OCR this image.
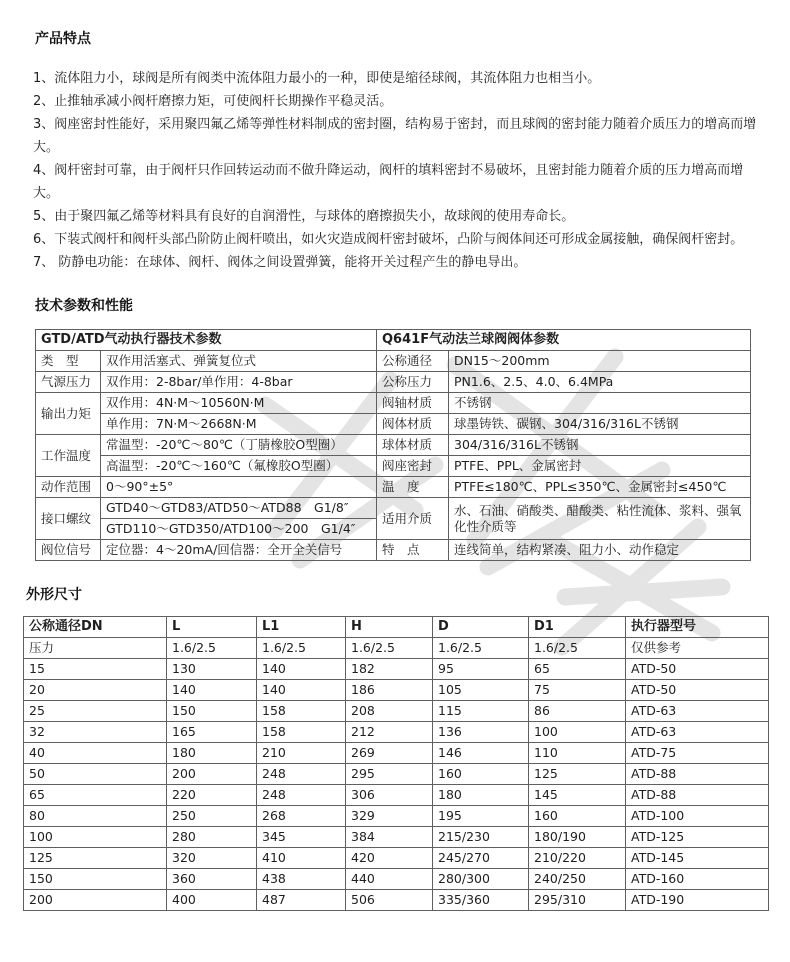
产品特点

1、流体阻力小，球阀是所有阀类中流体阻力最小的一种，即使是缩径球阀，其流体阻力也相当小。

2、止推轴承减小阀杆磨擦力矩，可使阀杆长期操作平稳灵活。

3、阀座密封性能好，采用聚四氟乙烯等弹性材料制成的密封圈，结构易于密封，而且球阀的密封能力随着介质压力的增高而增大。

4、阀杆密封可靠，由于阀杆只作回转运动而不做升降运动，阀杆的填料密封不易破坏，且密封能力随着介质的压力增高而增大。

5、由于聚四氟乙烯等材料具有良好的自润滑性，与球体的磨擦损失小，故球阀的使用寿命长。

6、下装式阀杆和阀杆头部凸阶防止阀杆喷出，如火灾造成阀杆密封破坏，凸阶与阀体间还可形成金属接触，确保阀杆密封。

7、 防静电功能：在球体、阀杆、阀体之间设置弹簧，能将开关过程产生的静电导出。

技术参数和性能
GTD/ATD气动执行器技术参数		Q641F气动法兰球阀阀体参数	
类　型	双作用活塞式、弹簧复位式	公称通径	DN15～200mm
气源压力	双作用：2-8bar/单作用：4-8bar	公称压力	PN1.6、2.5、4.0、6.4MPa
输出力矩	双作用：4N·M～10560N·M	阀轴材质	不锈钢
	单作用：7N·M～2668N·M	阀体材质	球墨铸铁、碳钢、304/316/316L不锈钢
工作温度	常温型：-20℃～80℃（丁腈橡胶O型圈）	球体材质	304/316/316L不锈钢
	高温型：-20℃～160℃（氟橡胶O型圈）	阀座密封	PTFE、PPL、金属密封
动作范围	0～90°±5°	温　度	PTFE≤180℃、PPL≤350℃、金属密封≤450℃
接口螺纹	GTD40～GTD83/ATD50～ATD88　G1/8″	适用介质	水、石油、硝酸类、醋酸类、粘性流体、浆料、强氧化性介质等
	GTD110～GTD350/ATD100～200　G1/4″		
阀位信号	定位器：4～20mA/回信器：全开全关信号	特　点	连线简单，结构紧凑、阻力小、动作稳定
外形尺寸
公称通径DN	L	L1	H	D	D1	执行器型号
压力	1.6/2.5	1.6/2.5	1.6/2.5	1.6/2.5	1.6/2.5	仅供参考
15	130	140	182	95	65	ATD-50
20	140	140	186	105	75	ATD-50
25	150	158	208	115	86	ATD-63
32	165	158	212	136	100	ATD-63
40	180	210	269	146	110	ATD-75
50	200	248	295	160	125	ATD-88
65	220	248	306	180	145	ATD-88
80	250	268	329	195	160	ATD-100
100	280	345	384	215/230	180/190	ATD-125
125	320	410	420	245/270	210/220	ATD-145
150	360	438	440	280/300	240/250	ATD-160
200	400	487	506	335/360	295/310	ATD-190
